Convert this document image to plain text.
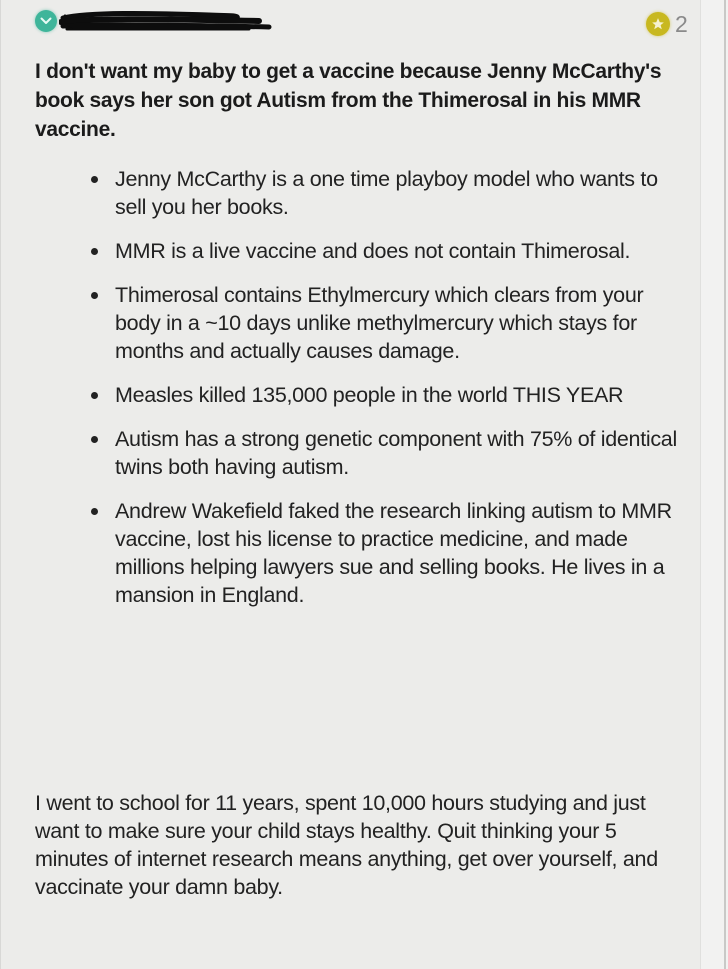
2

I don't want my baby to get a vaccine because Jenny McCarthy's book says her son got Autism from the Thimerosal in his MMR vaccine.

Jenny McCarthy is a one time playboy model who wants to sell you her books.
MMR is a live vaccine and does not contain Thimerosal.
Thimerosal contains Ethylmercury which clears from your body in a ~10 days unlike methylmercury which stays for months and actually causes damage.
Measles killed 135,000 people in the world THIS YEAR
Autism has a strong genetic component with 75% of identical twins both having autism.
Andrew Wakefield faked the research linking autism to MMR vaccine, lost his license to practice medicine, and made millions helping lawyers sue and selling books. He lives in a mansion in England.

I went to school for 11 years, spent 10,000 hours studying and just want to make sure your child stays healthy. Quit thinking your 5 minutes of internet research means anything, get over yourself, and vaccinate your damn baby.
